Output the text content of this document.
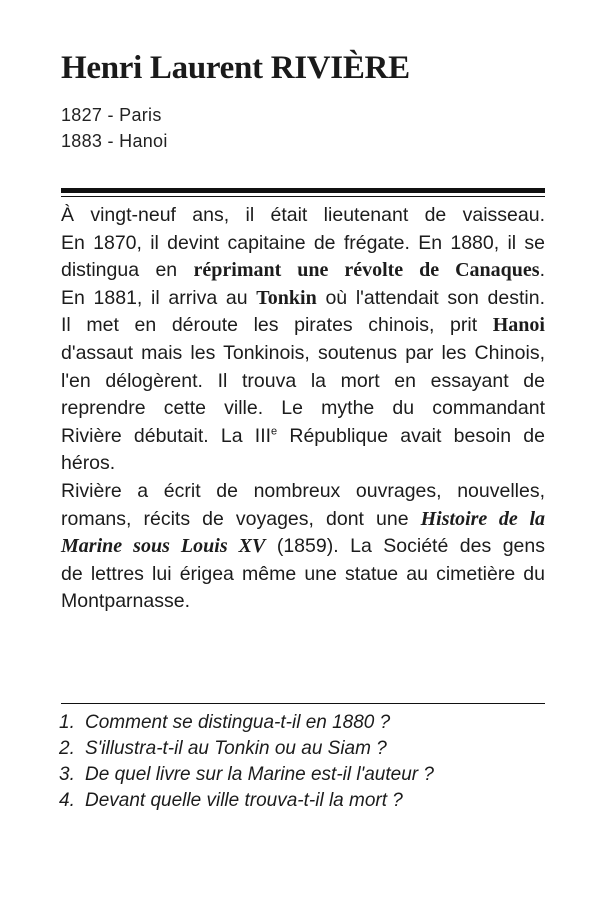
Henri Laurent RIVIÈRE
1827 - Paris
1883 - Hanoi
À vingt-neuf ans, il était lieutenant de vaisseau.
En 1870, il devint capitaine de frégate. En 1880, il se
distingua en réprimant une révolte de Canaques.
En 1881, il arriva au Tonkin où l'attendait son destin.
Il met en déroute les pirates chinois, prit Hanoi
d'assaut mais les Tonkinois, soutenus par les Chinois,
l'en délogèrent. Il trouva la mort en essayant de
reprendre cette ville. Le mythe du commandant
Rivière débutait. La IIIe République avait besoin de
héros.
Rivière a écrit de nombreux ouvrages, nouvelles,
romans, récits de voyages, dont une Histoire de la
Marine sous Louis XV (1859). La Société des gens
de lettres lui érigea même une statue au cimetière du
Montparnasse.
1. Comment se distingua-t-il en 1880 ?
2. S'illustra-t-il au Tonkin ou au Siam ?
3. De quel livre sur la Marine est-il l'auteur ?
4. Devant quelle ville trouva-t-il la mort ?
